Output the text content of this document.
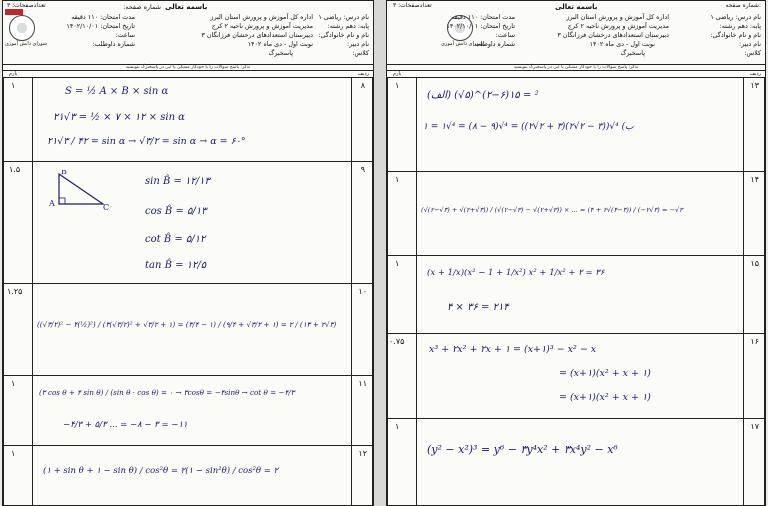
تعدادصفحات: ۳	باسمه تعالی
شماره صفحه:
شورای دانش آموزی
اداره کل آموزش و پرورش استان البرز
مدیریت آموزش و پرورش ناحیه ۲ کرج
دبیرستان استعدادهای درخشان فرزانگان ۳
نوبت اول - دی ماه ۱۴۰۲
پاسخبرگ
مدت امتحان: ۱۱۰ دقیقه
تاریخ امتحان: ۱۴۰۲/۱۰/۰۱
ساعت:
شماره داوطلب:
نام درس: ریاضی ۱
پایه: دهم رشته:
نام و نام خانوادگی:
نام دبیر:
کلاس:
تذکر: پاسخ سوالات را با خودکار مشکی یا آبی در پاسخبرگ بنویسید
ردیف
بارم
۸
۱
S = ½ A × B × sin α
۲۱√۳ = ½ × ۷ × ۱۲ × sin α
۲۱√۳ / ۴۲ = sin α → √۳/۲ = sin α → α = ۶۰°
۹
۱.۵
A
B
C
sin B̂ = ۱۲/۱۳
cos B̂ = ۵/۱۳
cot B̂ = ۵/۱۲
tan B̂ = ۱۲/۵
۱۰
۱.۲۵
((√۳/۲)² − ۴(½)²) / (۳(√۳/۲)² + √۳/۲ + ۱) = (۳/۴ − ۱) / (۹/۴ + √۳/۲ + ۱) = ۲ / (۱۳ + ۲√۳)
۱۱
۱
(۳ cos θ + ۴ sin θ) / (sin θ · cos θ) = ۰ → ۳cosθ = −۴sinθ → cot θ = −۴/۳
−۴/۳ + ۵/۳ ... = −۸ − ۳ = −۱۱
۱۲
۱
(۱ + sin θ + ۱ − sin θ) / cos²θ = ۲(۱ − sin²θ) / cos²θ = ۲
شماره صفحه:
تعدادصفحات: ۳	باسمه تعالی
شورای دانش آموزی
اداره کل آموزش و پرورش استان البرز
مدیریت آموزش و پرورش ناحیه ۲ کرج
دبیرستان استعدادهای درخشان فرزانگان ۳
نوبت اول - دی ماه ۱۴۰۲
پاسخبرگ
مدت امتحان: ۱۱۰ دقیقه
تاریخ امتحان: ۱۴۰۲/۱۰/۰۱
ساعت:
شماره داوطلب:
نام درس: ریاضی ۱
پایه: دهم رشته:
نام و نام خانوادگی:
نام دبیر:
کلاس:
تذکر: پاسخ سوالات را با خودکار مشکی یا آبی در پاسخبرگ بنویسید
ردیف
بارم
۱۳
۱
(الف) (√۵)^(۶−۲)² = ۱۵
ب) ⁴√((۳ − ۲√۲)(۳ + ۲√۲)) = ⁴√(۹ − ۸) = ⁴√۱ = ۱
۱۴
۱
(√(۲−√۳) + √(۲+√۳)) / (√(۲−√۳) − √(۲+√۳)) × ... = (۴ + ۲√(۴−۳)) / (−۲√۳) = −√۳
۱۵
۱
(x + 1/x)(x² − 1 + 1/x²) x² + 1/x² + ۲ = ۳۶
۴ × ۳۶ = ۲۱۴
۱۶
۰.۷۵
x³ + ۲x² + ۲x + ۱ = (x+۱)³ − x² − x
= (x+۱)(x² + x + ۱)
= (x+۱)(x² + x + ۱)
۱۷
۱
(y² − x²)³ = y⁶ − ۳y⁴x² + ۳x⁴y² − x⁶
